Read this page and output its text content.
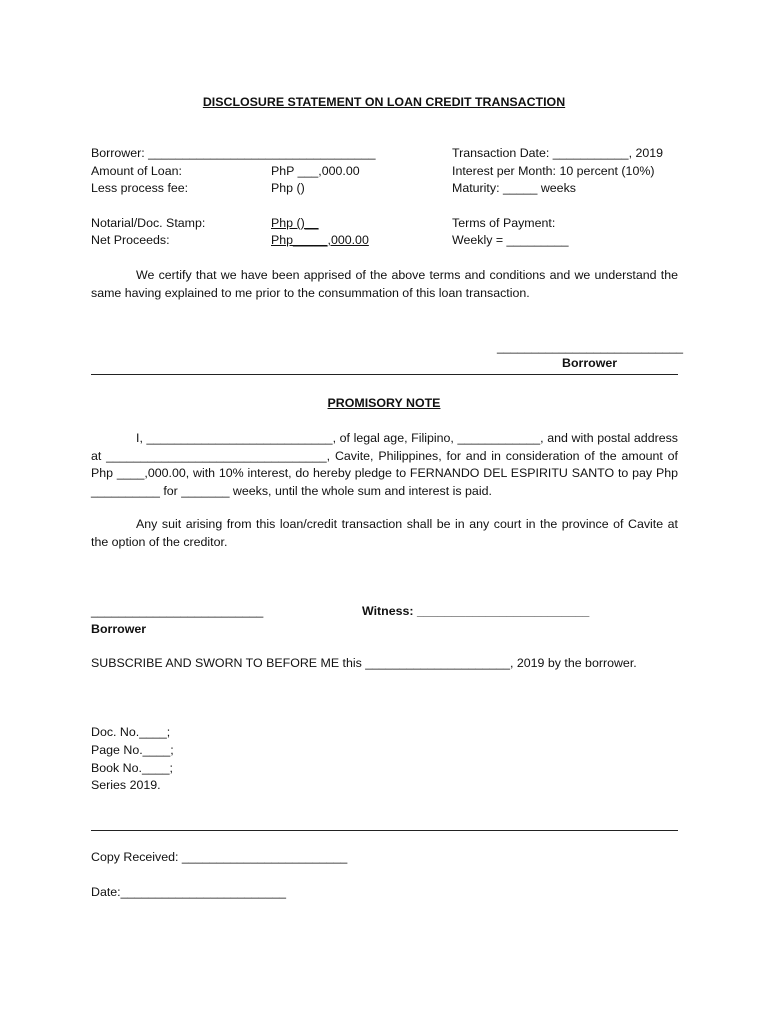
DISCLOSURE STATEMENT ON LOAN CREDIT TRANSACTION
Borrower: _________________________________
Amount of Loan:	PhP ___,000.00
Less process fee:	Php ()
Notarial/Doc. Stamp:	Php ()__
Net Proceeds:	Php_____,000.00
Transaction Date: ___________, 2019
Interest per Month: 10 percent (10%)
Maturity: _____ weeks
Terms of Payment:
Weekly = _________
We certify that we have been apprised of the above terms and conditions and we understand the same having explained to me prior to the consummation of this loan transaction.
___________________________
Borrower
PROMISORY NOTE
I, ___________________________, of legal age, Filipino, ____________, and with postal address at ________________________________, Cavite, Philippines, for and in consideration of the amount of Php ____,000.00, with 10% interest, do hereby pledge to FERNANDO DEL ESPIRITU SANTO to pay Php __________ for _______ weeks, until the whole sum and interest is paid.
Any suit arising from this loan/credit transaction shall be in any court in the province of Cavite at the option of the creditor.
_________________________
Borrower
Witness: _________________________
SUBSCRIBE AND SWORN TO BEFORE ME this _____________________, 2019 by the borrower.
Doc. No.____;
Page No.____;
Book No.____;
Series 2019.
Copy Received: ________________________
Date:________________________
